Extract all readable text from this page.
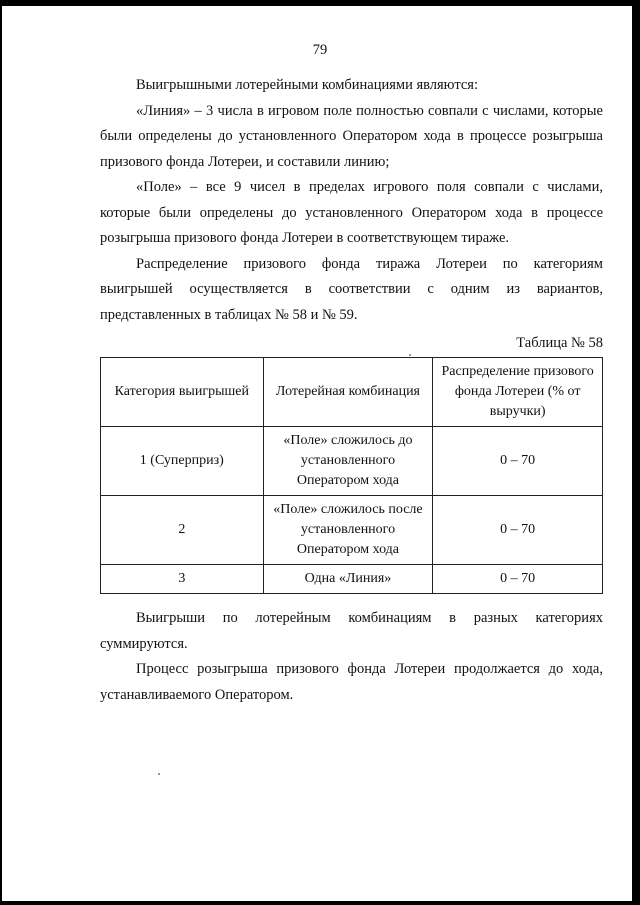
79

Выигрышными лотерейными комбинациями являются:

«Линия» – 3 числа в игровом поле полностью совпали с числами, которые были определены до установленного Оператором хода в процессе розыгрыша призового фонда Лотереи, и составили линию;

«Поле» – все 9 чисел в пределах игрового поля совпали с числами, которые были определены до установленного Оператором хода в процессе розыгрыша призового фонда Лотереи в соответствующем тираже.

Распределение призового фонда тиража Лотереи по категориям выигрышей осуществляется в соответствии с одним из вариантов, представленных в таблицах № 58 и № 59.

Таблица № 58
Категория выигрышей	Лотерейная комбинация	Распределение призового фонда Лотереи (% от выручки)
1 (Суперприз)	«Поле» сложилось до установленного Оператором хода	0 – 70
2	«Поле» сложилось после установленного Оператором хода	0 – 70
3	Одна «Линия»	0 – 70

Выигрыши по лотерейным комбинациям в разных категориях суммируются.

Процесс розыгрыша призового фонда Лотереи продолжается до хода, устанавливаемого Оператором.
